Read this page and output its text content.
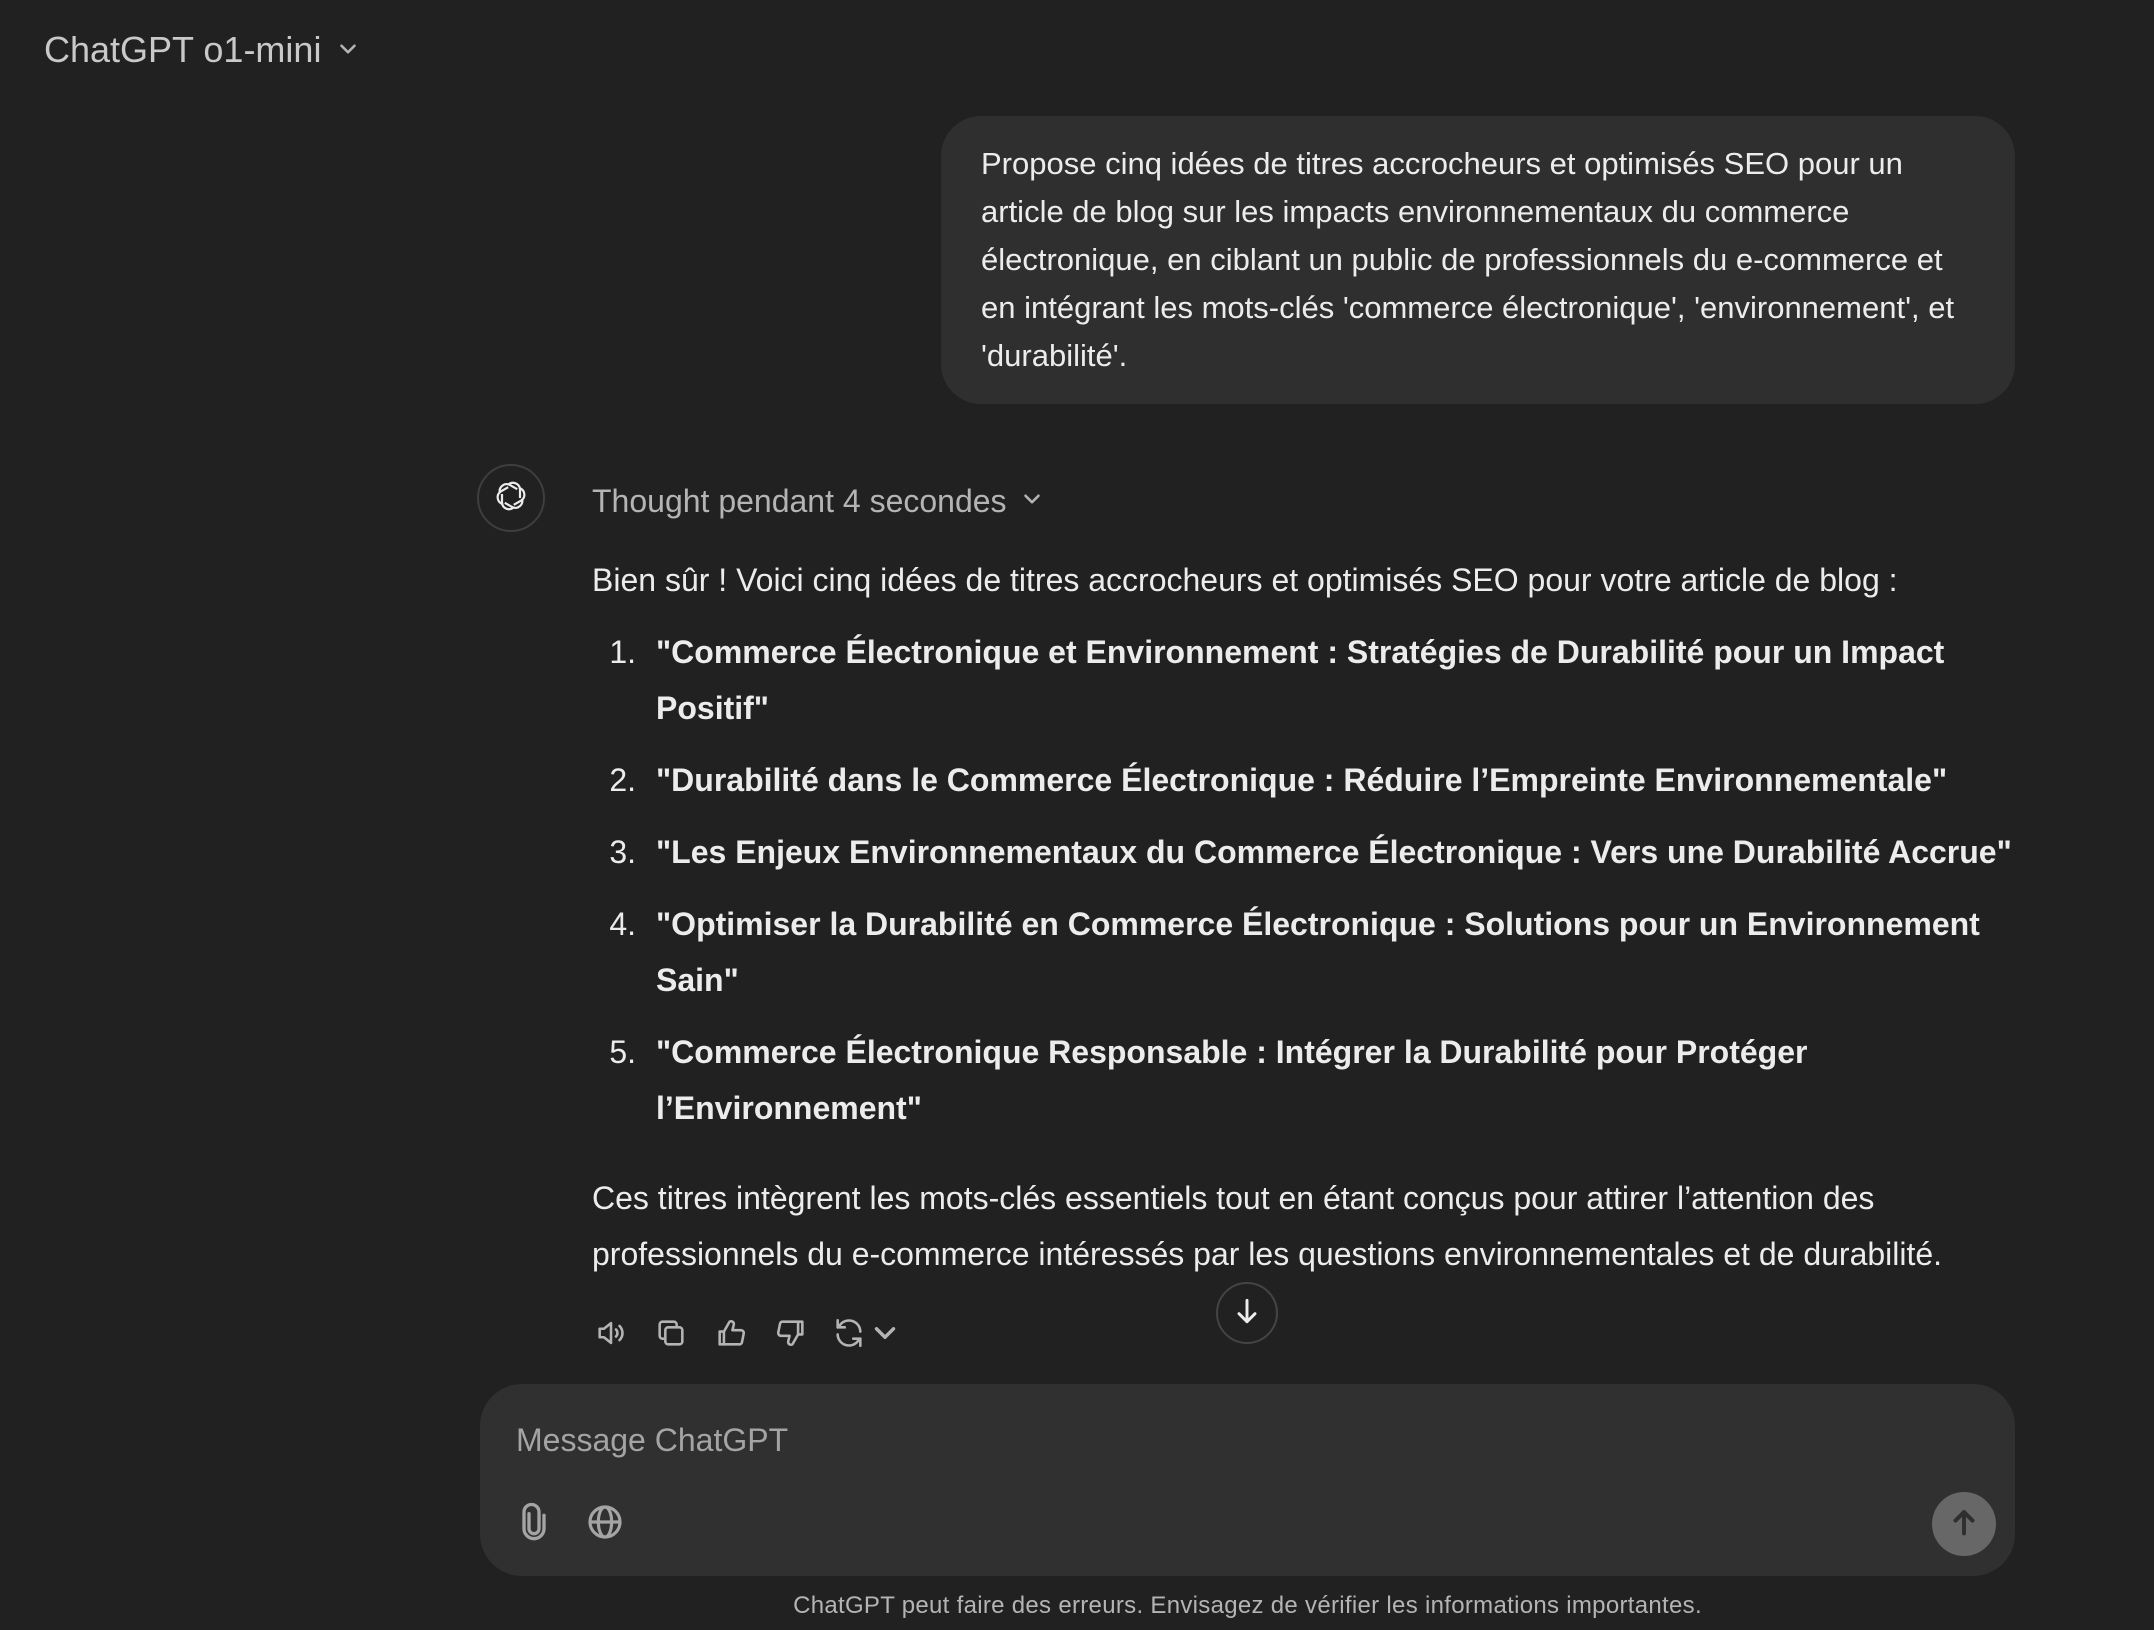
ChatGPT o1-mini
Propose cinq idées de titres accrocheurs et optimisés SEO pour un article de blog sur les impacts environnementaux du commerce électronique, en ciblant un public de professionnels du e-commerce et en intégrant les mots-clés 'commerce électronique', 'environnement', et 'durabilité'.
Thought pendant 4 secondes

Bien sûr ! Voici cinq idées de titres accrocheurs et optimisés SEO pour votre article de blog :

1. "Commerce Électronique et Environnement : Stratégies de Durabilité pour un Impact Positif"
2. "Durabilité dans le Commerce Électronique : Réduire l’Empreinte Environnementale"
3. "Les Enjeux Environnementaux du Commerce Électronique : Vers une Durabilité Accrue"
4. "Optimiser la Durabilité en Commerce Électronique : Solutions pour un Environnement Sain"
5. "Commerce Électronique Responsable : Intégrer la Durabilité pour Protéger l’Environnement"

Ces titres intègrent les mots-clés essentiels tout en étant conçus pour attirer l’attention des professionnels du e-commerce intéressés par les questions environnementales et de durabilité.

Message ChatGPT
ChatGPT peut faire des erreurs. Envisagez de vérifier les informations importantes.
